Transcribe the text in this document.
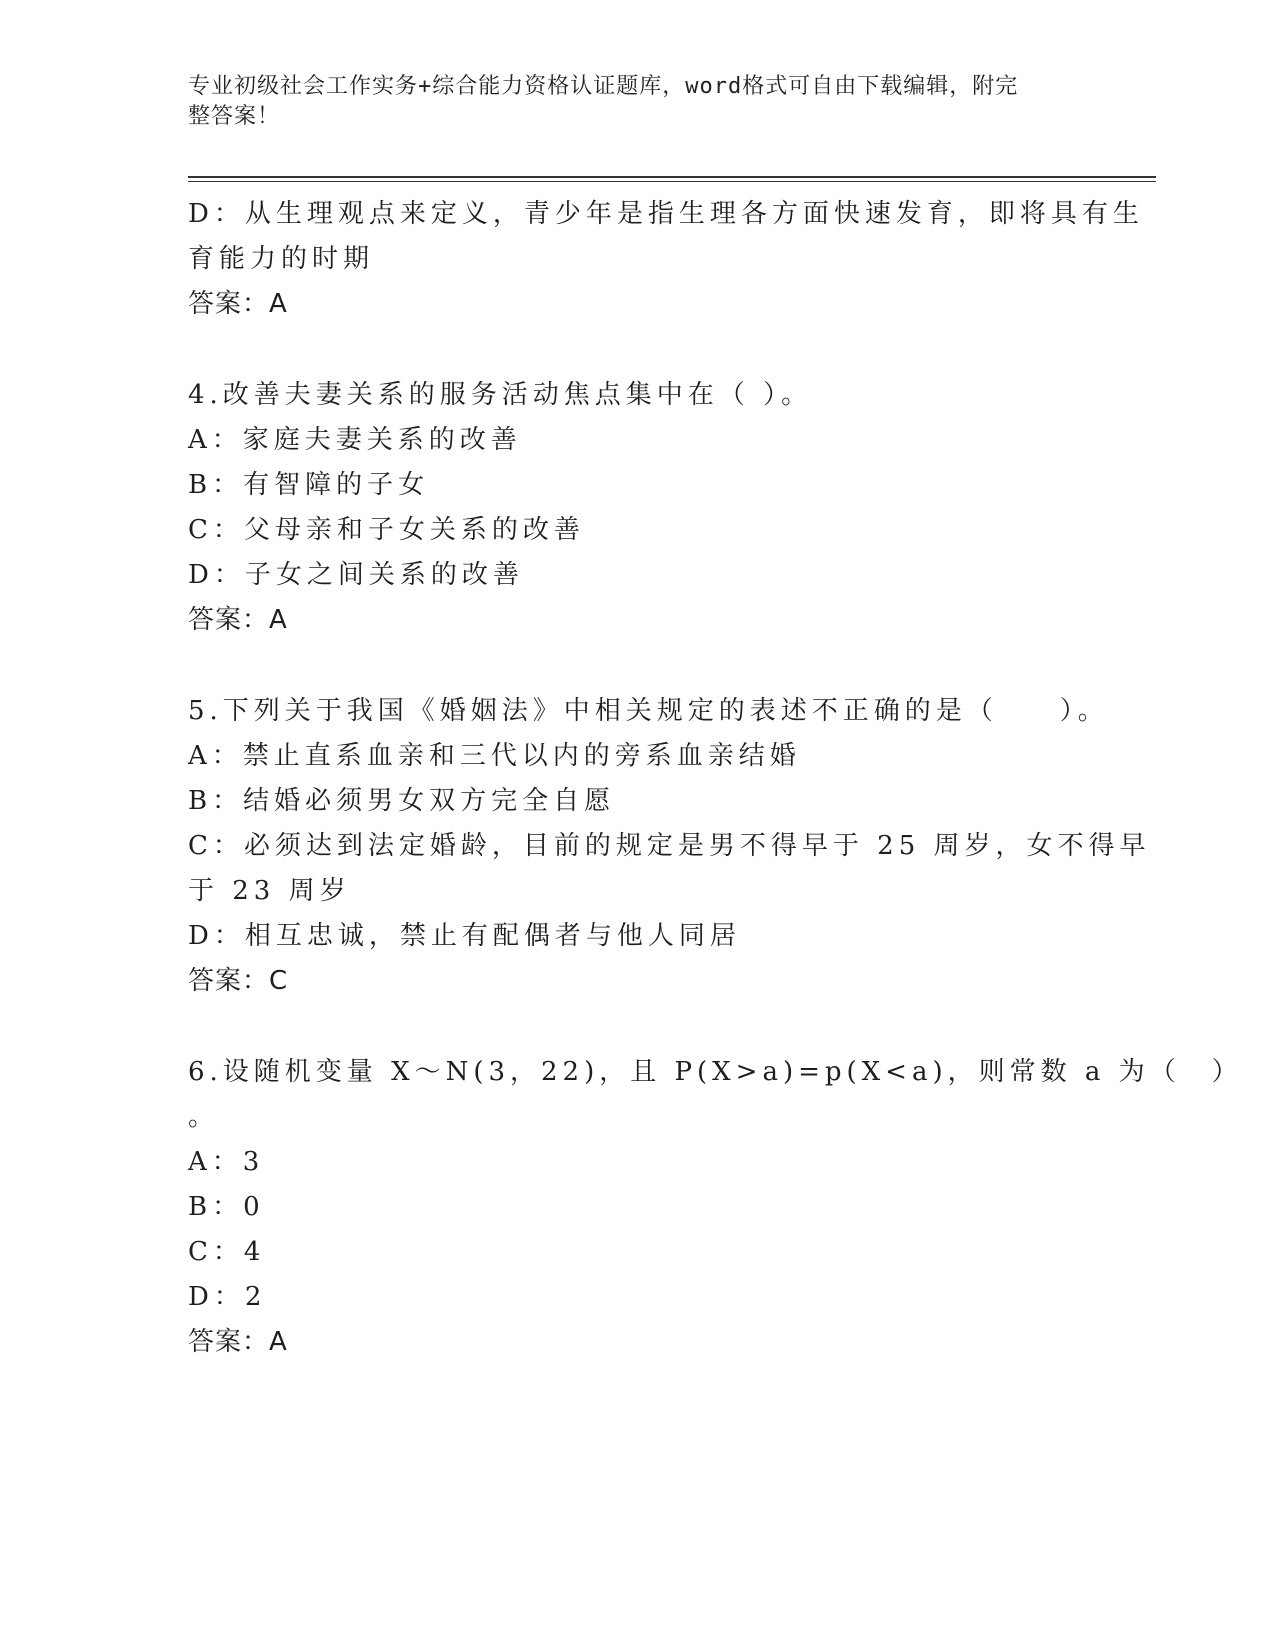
专业初级社会工作实务+综合能力资格认证题库，word格式可自由下载编辑，附完
整答案！
D：从生理观点来定义，青少年是指生理各方面快速发育，即将具有生
育能力的时期
答案：A
4.改善夫妻关系的服务活动焦点集中在（ ）。
A：家庭夫妻关系的改善
B：有智障的子女
C：父母亲和子女关系的改善
D：子女之间关系的改善
答案：A
5.下列关于我国《婚姻法》中相关规定的表述不正确的是（　　）。
A：禁止直系血亲和三代以内的旁系血亲结婚
B：结婚必须男女双方完全自愿
C：必须达到法定婚龄，目前的规定是男不得早于 25 周岁，女不得早
于 23 周岁
D：相互忠诚，禁止有配偶者与他人同居
答案：C
6.设随机变量 X～N(3，22)，且 P(X>a)=p(X<a)，则常数 a 为（　）
。
A：3
B：0
C：4
D：2
答案：A
